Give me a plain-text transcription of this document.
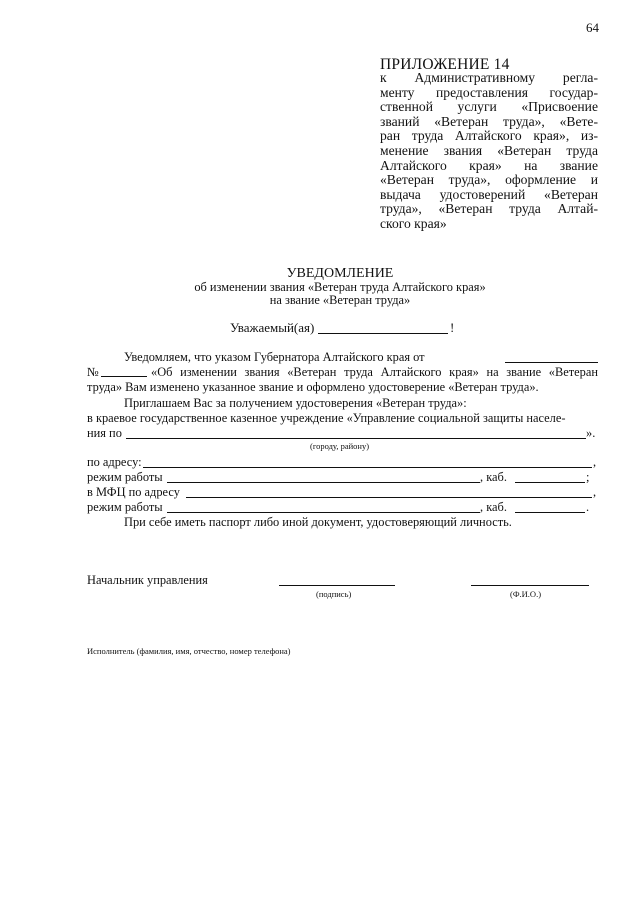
64
ПРИЛОЖЕНИЕ 14
к Административному регла-
менту предоставления государ-
ственной услуги «Присвоение
званий «Ветеран труда», «Вете-
ран труда Алтайского края», из-
менение звания «Ветеран труда
Алтайского края» на звание
«Ветеран труда», оформление и
выдача удостоверений «Ветеран
труда», «Ветеран труда Алтай-
ского края»
УВЕДОМЛЕНИЕ
об изменении звания «Ветеран труда Алтайского края»
на звание «Ветеран труда»
Уважаемый(ая)	!
Уведомляем, что указом Губернатора Алтайского края от
№	«Об изменении звания «Ветеран труда Алтайского края» на звание «Ветеран
труда» Вам изменено указанное звание и оформлено удостоверение «Ветеран труда».
Приглашаем Вас за получением удостоверения «Ветеран труда»:
в краевое государственное казенное учреждение «Управление социальной защиты населе-
ния по	».
(городу, району)
по адресу:	,
режим работы	, каб.	;
в МФЦ по адресу	,
режим работы	, каб.	.
При себе иметь паспорт либо иной документ, удостоверяющий личность.
Начальник управления
(подпись)	(Ф.И.О.)
Исполнитель (фамилия, имя, отчество, номер телефона)
